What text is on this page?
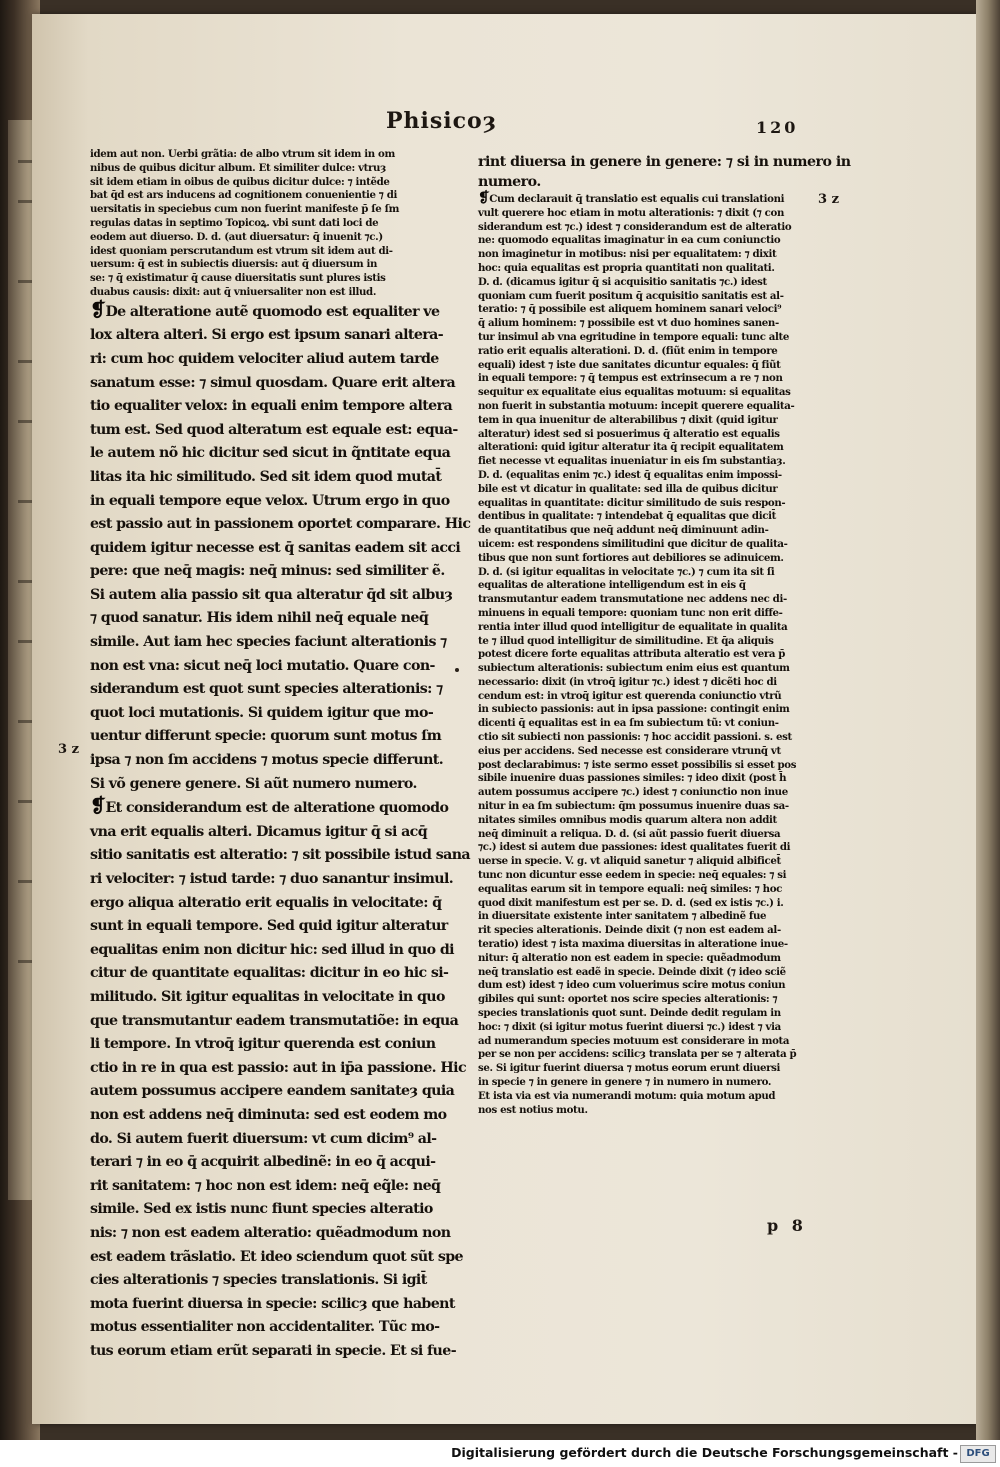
Phisicoȝ	120
idem aut non. Uerbi grãtia: de albo vtrum sit idem in om
nibus de quibus dicitur album. Et similiter dulce: vtruȝ
sit idem etiam in oibus de quibus dicitur dulce: ⁊ intẽde
bat q̄d est ars inducens ad cognitionem conuenientie ⁊ di
uersitatis in speciebus cum non fuerint manifeste p̄ ſe ſm
regulas datas in septimo Topicoꝝ. vbi sunt dati loci de
eodem aut diuerso. D. d. (aut diuersatur: q̄ inuenit ⁊c.)
idest quoniam perscrutandum est vtrum sit idem aut di-
uersum: q̄ est in subiectis diuersis: aut q̄ diuersum in
se: ⁊ q̄ existimatur q̄ cause diuersitatis sunt plures istis
duabus causis: dixit: aut q̄ vniuersaliter non est illud.
❡De alteratione autẽ quomodo est equaliter ve
lox altera alteri. Si ergo est ipsum sanari altera-
ri: cum hoc quidem velociter aliud autem tarde
sanatum esse: ⁊ simul quosdam. Quare erit altera
tio equaliter velox: in equali enim tempore altera
tum est. Sed quod alteratum est equale est: equa-
le autem nõ hic dicitur sed sicut in q̃ntitate equa
litas ita hic similitudo. Sed sit idem quod mutat̄
in equali tempore eque velox. Utrum ergo in quo
est passio aut in passionem oportet comparare. Hic
quidem igitur necesse est q̄ sanitas eadem sit acci
pere: que neq̄ magis: neq̄ minus: sed similiter ẽ.
Si autem alia passio sit qua alteratur q̄d sit albuȝ
⁊ quod sanatur. His idem nihil neq̄ equale neq̄
simile. Aut iam hec species faciunt alterationis ⁊
non est vna: sicut neq̄ loci mutatio. Quare con-
siderandum est quot sunt species alterationis: ⁊
quot loci mutationis. Si quidem igitur que mo-
uentur differunt specie: quorum sunt motus ſm
ipsa ⁊ non ſm accidens ⁊ motus specie differunt.
Si võ genere genere. Si aũt numero numero.
❡Et considerandum est de alteratione quomodo
vna erit equalis alteri. Dicamus igitur q̄ si acq̄
sitio sanitatis est alteratio: ⁊ sit possibile istud sana
ri velociter: ⁊ istud tarde: ⁊ duo sanantur insimul.
ergo aliqua alteratio erit equalis in velocitate: q̄
sunt in equali tempore. Sed quid igitur alteratur
equalitas enim non dicitur hic: sed illud in quo di
citur de quantitate equalitas: dicitur in eo hic si-
militudo. Sit igitur equalitas in velocitate in quo
que transmutantur eadem transmutatiõe: in equa
li tempore. In vtroq̄ igitur querenda est coniun
ctio in re in qua est passio: aut in ip̄a passione. Hic
autem possumus accipere eandem sanitateȝ quia
non est addens neq̄ diminuta: sed est eodem mo
do. Si autem fuerit diuersum: vt cum dicim⁹ al-
terari ⁊ in eo q̄ acquirit albedinẽ: in eo q̄ acqui-
rit sanitatem: ⁊ hoc non est idem: neq̄ eq̃le: neq̄
simile. Sed ex istis nunc fiunt species alteratio
nis: ⁊ non est eadem alteratio: quẽadmodum non
est eadem trãslatio. Et ideo sciendum quot sũt spe
cies alterationis ⁊ species translationis. Si igit̄
mota fuerint diuersa in specie: scilicȝ que habent
motus essentialiter non accidentaliter. Tũc mo-
tus eorum etiam erũt separati in specie. Et si fue-
rint diuersa in genere in genere: ⁊ si in numero in
numero.
❡Cum declarauit q̄ translatio est equalis cui translationi
vult querere hoc etiam in motu alterationis: ⁊ dixit (⁊ con
siderandum est ⁊c.) idest ⁊ considerandum est de alteratio
ne: quomodo equalitas imaginatur in ea cum coniunctio
non imaginetur in motibus: nisi per equalitatem: ⁊ dixit
hoc: quia equalitas est propria quantitati non qualitati.
D. d. (dicamus igitur q̄ si acquisitio sanitatis ⁊c.) idest
quoniam cum fuerit positum q̄ acquisitio sanitatis est al-
teratio: ⁊ q̄ possibile est aliquem hominem sanari veloci⁹
q̄ alium hominem: ⁊ possibile est vt duo homines sanen-
tur insimul ab vna egritudine in tempore equali: tunc alte
ratio erit equalis alterationi. D. d. (fiũt enim in tempore
equali) idest ⁊ iste due sanitates dicuntur equales: q̄ fiũt
in equali tempore: ⁊ q̄ tempus est extrinsecum a re ⁊ non
sequitur ex equalitate eius equalitas motuum: si equalitas
non fuerit in substantia motuum: incepit querere equalita-
tem in qua inuenitur de alterabilibus ⁊ dixit (quid igitur
alteratur) idest sed si posuerimus q̄ alteratio est equalis
alterationi: quid igitur alteratur ita q̄ recipit equalitatem
fiet necesse vt equalitas inueniatur in eis ſm substantiaȝ.
D. d. (equalitas enim ⁊c.) idest q̄ equalitas enim impossi-
bile est vt dicatur in qualitate: sed illa de quibus dicitur
equalitas in quantitate: dicitur similitudo de suis respon-
dentibus in qualitate: ⁊ intendebat q̄ equalitas que dicit̄
de quantitatibus que neq̄ addunt neq̄ diminuunt adin-
uicem: est respondens similitudini que dicitur de qualita-
tibus que non sunt fortiores aut debiliores se adinuicem.
D. d. (si igitur equalitas in velocitate ⁊c.) ⁊ cum ita sit ſi
equalitas de alteratione intelligendum est in eis q̄
transmutantur eadem transmutatione nec addens nec di-
minuens in equali tempore: quoniam tunc non erit diffe-
rentia inter illud quod intelligitur de equalitate in qualita
te ⁊ illud quod intelligitur de similitudine. Et q̄a aliquis
potest dicere forte equalitas attributa alteratio est vera p̄
subiectum alterationis: subiectum enim eius est quantum
necessario: dixit (in vtroq̄ igitur ⁊c.) idest ⁊ dicẽti hoc di
cendum est: in vtroq̄ igitur est querenda coniunctio vtrũ
in subiecto passionis: aut in ipsa passione: contingit enim
dicenti q̄ equalitas est in ea ſm subiectum tũ: vt coniun-
ctio sit subiecti non passionis: ⁊ hoc accidit passioni. s. est
eius per accidens. Sed necesse est considerare vtrunq̄ vt
post declarabimus: ⁊ iste sermo esset possibilis si esset pos
sibile inuenire duas passiones similes: ⁊ ideo dixit (post h̄
autem possumus accipere ⁊c.) idest ⁊ coniunctio non inue
nitur in ea ſm subiectum: q̄m possumus inuenire duas sa-
nitates similes omnibus modis quarum altera non addit
neq̄ diminuit a reliqua. D. d. (si aũt passio fuerit diuersa
⁊c.) idest si autem due passiones: idest qualitates fuerit di
uerse in specie. V. g. vt aliquid sanetur ⁊ aliquid albificet̄
tunc non dicuntur esse eedem in specie: neq̄ equales: ⁊ si
equalitas earum sit in tempore equali: neq̄ similes: ⁊ hoc
quod dixit manifestum est per se. D. d. (sed ex istis ⁊c.) i.
in diuersitate existente inter sanitatem ⁊ albedinẽ fue
rit species alterationis. Deinde dixit (⁊ non est eadem al-
teratio) idest ⁊ ista maxima diuersitas in alteratione inue-
nitur: q̄ alteratio non est eadem in specie: quẽadmodum
neq̄ translatio est eadẽ in specie. Deinde dixit (⁊ ideo sciẽ
dum est) idest ⁊ ideo cum voluerimus scire motus coniun
gibiles qui sunt: oportet nos scire species alterationis: ⁊
species translationis quot sunt. Deinde dedit regulam in
hoc: ⁊ dixit (si igitur motus fuerint diuersi ⁊c.) idest ⁊ via
ad numerandum species motuum est considerare in mota
per se non per accidens: scilicȝ translata per se ⁊ alterata p̄
se. Si igitur fuerint diuersa ⁊ motus eorum erunt diuersi
in specie ⁊ in genere in genere ⁊ in numero in numero.
Et ista via est via numerandi motum: quia motum apud
nos est notius motu.
3 z
3 z
p 8
Digitalisierung gefördert durch die Deutsche Forschungsgemeinschaft - DFG
